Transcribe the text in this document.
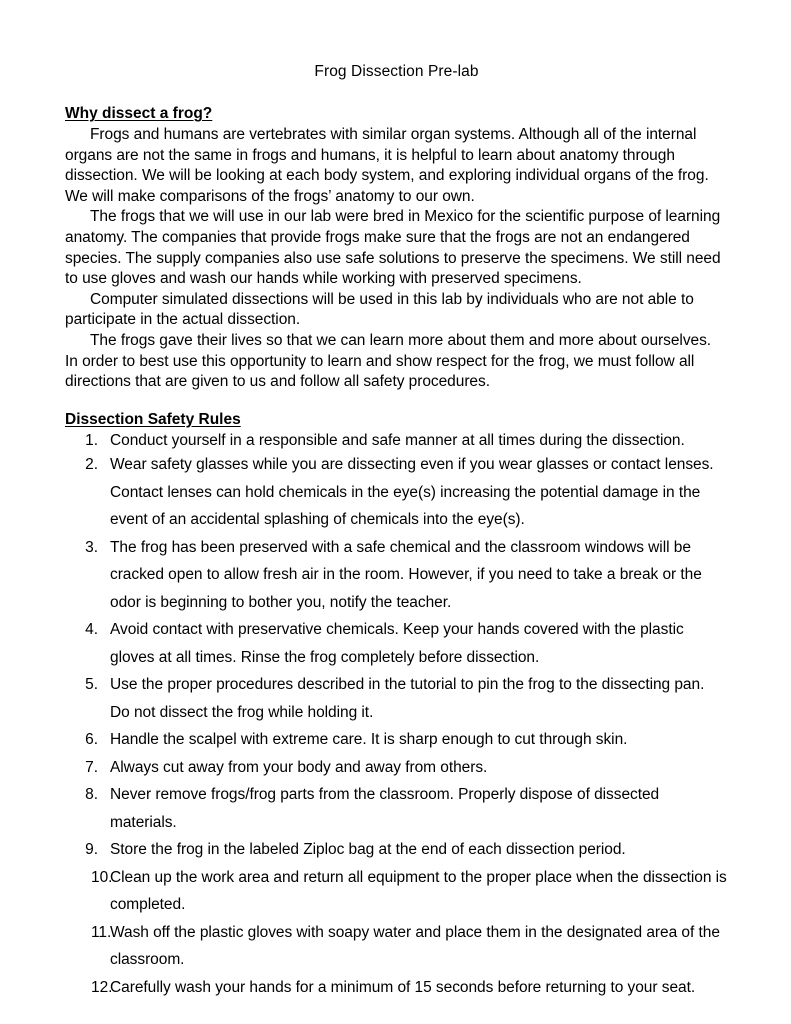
Frog Dissection Pre-lab
Why dissect a frog?

Frogs and humans are vertebrates with similar organ systems. Although all of the internal organs are not the same in frogs and humans, it is helpful to learn about anatomy through dissection. We will be looking at each body system, and exploring individual organs of the frog. We will make comparisons of the frogs’ anatomy to our own.

The frogs that we will use in our lab were bred in Mexico for the scientific purpose of learning anatomy. The companies that provide frogs make sure that the frogs are not an endangered species. The supply companies also use safe solutions to preserve the specimens. We still need to use gloves and wash our hands while working with preserved specimens.

Computer simulated dissections will be used in this lab by individuals who are not able to participate in the actual dissection.

The frogs gave their lives so that we can learn more about them and more about ourselves. In order to best use this opportunity to learn and show respect for the frog, we must follow all directions that are given to us and follow all safety procedures.

Dissection Safety Rules
1. Conduct yourself in a responsible and safe manner at all times during the dissection.
2. Wear safety glasses while you are dissecting even if you wear glasses or contact lenses. Contact lenses can hold chemicals in the eye(s) increasing the potential damage in the event of an accidental splashing of chemicals into the eye(s).
3. The frog has been preserved with a safe chemical and the classroom windows will be cracked open to allow fresh air in the room. However, if you need to take a break or the odor is beginning to bother you, notify the teacher.
4. Avoid contact with preservative chemicals. Keep your hands covered with the plastic gloves at all times. Rinse the frog completely before dissection.
5. Use the proper procedures described in the tutorial to pin the frog to the dissecting pan. Do not dissect the frog while holding it.
6. Handle the scalpel with extreme care. It is sharp enough to cut through skin.
7. Always cut away from your body and away from others.
8. Never remove frogs/frog parts from the classroom. Properly dispose of dissected materials.
9. Store the frog in the labeled Ziploc bag at the end of each dissection period.
10.
Clean up the work area and return all equipment to the proper place when the dissection is completed.
11.
Wash off the plastic gloves with soapy water and place them in the designated area of the classroom.
12.
Carefully wash your hands for a minimum of 15 seconds before returning to your seat.
